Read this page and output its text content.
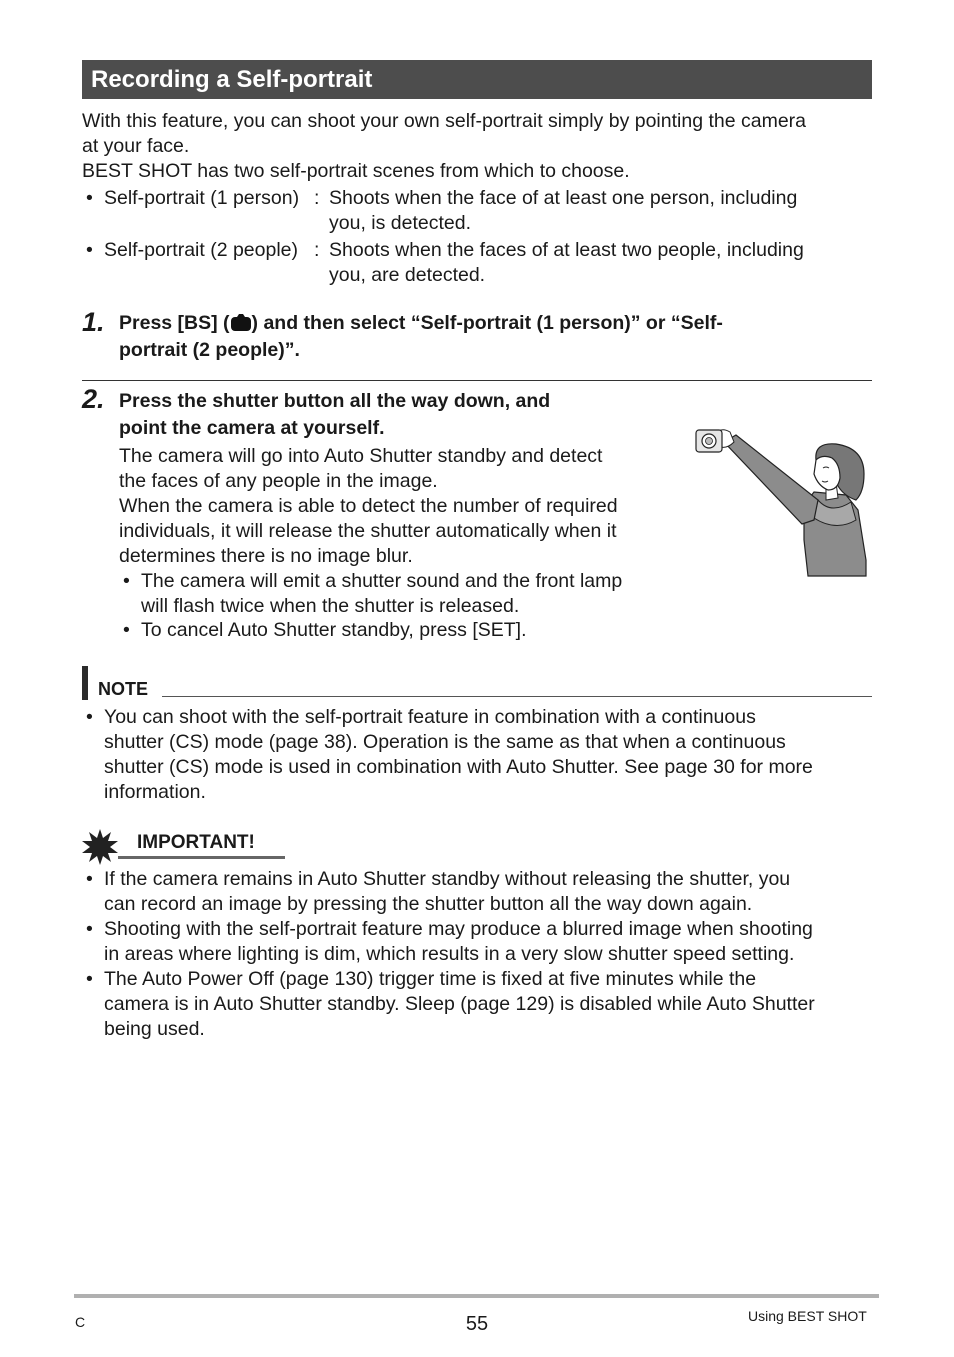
Recording a Self-portrait
With this feature, you can shoot your own self-portrait simply by pointing the camera
at your face.
BEST SHOT has two self-portrait scenes from which to choose.
• Self-portrait (1 person) : Shoots when the face of at least one person, including
you, is detected.
• Self-portrait (2 people) : Shoots when the faces of at least two people, including
you, are detected.
1. Press [BS] ( ) and then select “Self-portrait (1 person)” or “Self-
portrait (2 people)”.
2. Press the shutter button all the way down, and
point the camera at yourself.
The camera will go into Auto Shutter standby and detect
the faces of any people in the image.
When the camera is able to detect the number of required
individuals, it will release the shutter automatically when it
determines there is no image blur.
• The camera will emit a shutter sound and the front lamp
will flash twice when the shutter is released.
• To cancel Auto Shutter standby, press [SET].
NOTE
• You can shoot with the self-portrait feature in combination with a continuous
shutter (CS) mode (page 38). Operation is the same as that when a continuous
shutter (CS) mode is used in combination with Auto Shutter. See page 30 for more
information.
IMPORTANT!
• If the camera remains in Auto Shutter standby without releasing the shutter, you
can record an image by pressing the shutter button all the way down again.
• Shooting with the self-portrait feature may produce a blurred image when shooting
in areas where lighting is dim, which results in a very slow shutter speed setting.
• The Auto Power Off (page 130) trigger time is fixed at five minutes while the
camera is in Auto Shutter standby. Sleep (page 129) is disabled while Auto Shutter
being used.
C	55	Using BEST SHOT
